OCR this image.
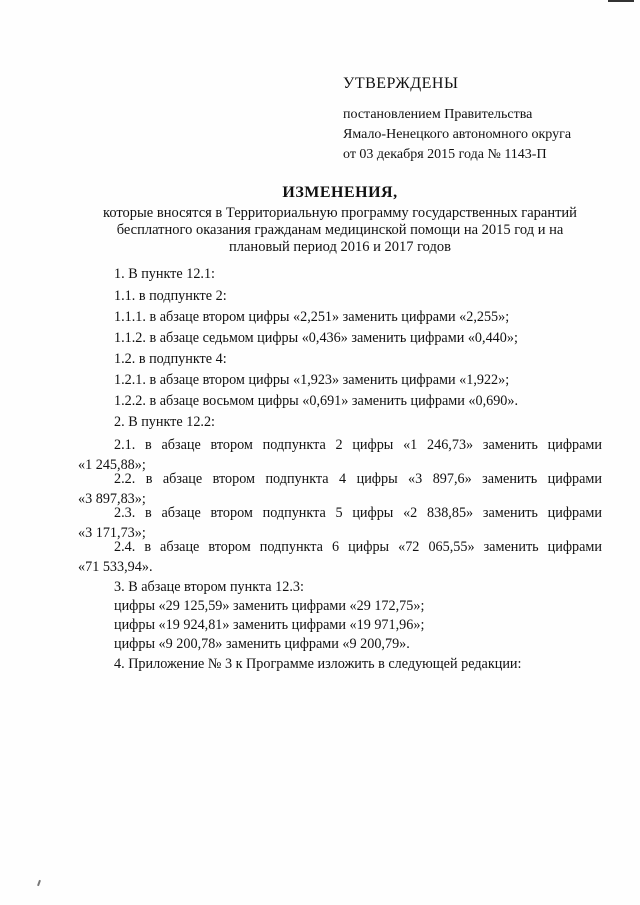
УТВЕРЖДЕНЫ
постановлением Правительства
Ямало-Ненецкого автономного округа
от 03 декабря 2015 года № 1143-П
ИЗМЕНЕНИЯ,
которые вносятся в Территориальную программу государственных гарантий
бесплатного оказания гражданам медицинской помощи на 2015 год и на
плановый период 2016 и 2017 годов
1. В пункте 12.1:
1.1. в подпункте 2:
1.1.1. в абзаце втором цифры «2,251» заменить цифрами «2,255»;
1.1.2. в абзаце седьмом цифры «0,436» заменить цифрами «0,440»;
1.2. в подпункте 4:
1.2.1. в абзаце втором цифры «1,923» заменить цифрами «1,922»;
1.2.2. в абзаце восьмом цифры «0,691» заменить цифрами «0,690».
2. В пункте 12.2:
2.1. в абзаце втором подпункта 2 цифры «1 246,73» заменить цифрами
«1 245,88»;
2.2. в абзаце втором подпункта 4 цифры «3 897,6» заменить цифрами
«3 897,83»;
2.3. в абзаце втором подпункта 5 цифры «2 838,85» заменить цифрами
«3 171,73»;
2.4. в абзаце втором подпункта 6 цифры «72 065,55» заменить цифрами
«71 533,94».
3. В абзаце втором пункта 12.3:
цифры «29 125,59» заменить цифрами «29 172,75»;
цифры «19 924,81» заменить цифрами «19 971,96»;
цифры «9 200,78» заменить цифрами «9 200,79».
4. Приложение № 3 к Программе изложить в следующей редакции:
